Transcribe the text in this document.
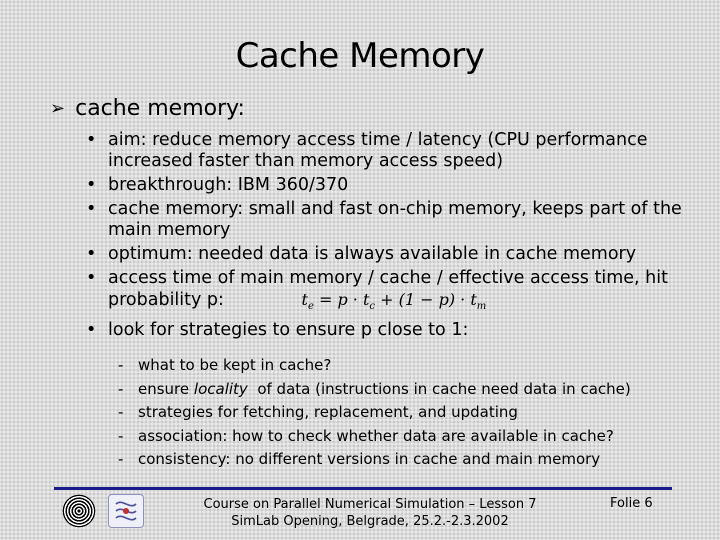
Cache Memory
➢ cache memory:
• aim: reduce memory access time / latency (CPU performance increased faster than memory access speed)
• breakthrough: IBM 360/370
• cache memory: small and fast on-chip memory, keeps part of the main memory
• optimum: needed data is always available in cache memory
• access time of main memory / cache / effective access time, hit probability p:	$t_e = p \cdot t_c + (1 - p) \cdot t_m$
• look for strategies to ensure p close to 1:
- what to be kept in cache?
- ensure locality  of data (instructions in cache need data in cache)
- strategies for fetching, replacement, and updating
- association: how to check whether data are available in cache?
- consistency: no different versions in cache and main memory
Course on Parallel Numerical Simulation – Lesson 7
SimLab Opening, Belgrade, 25.2.-2.3.2002
Folie 6
